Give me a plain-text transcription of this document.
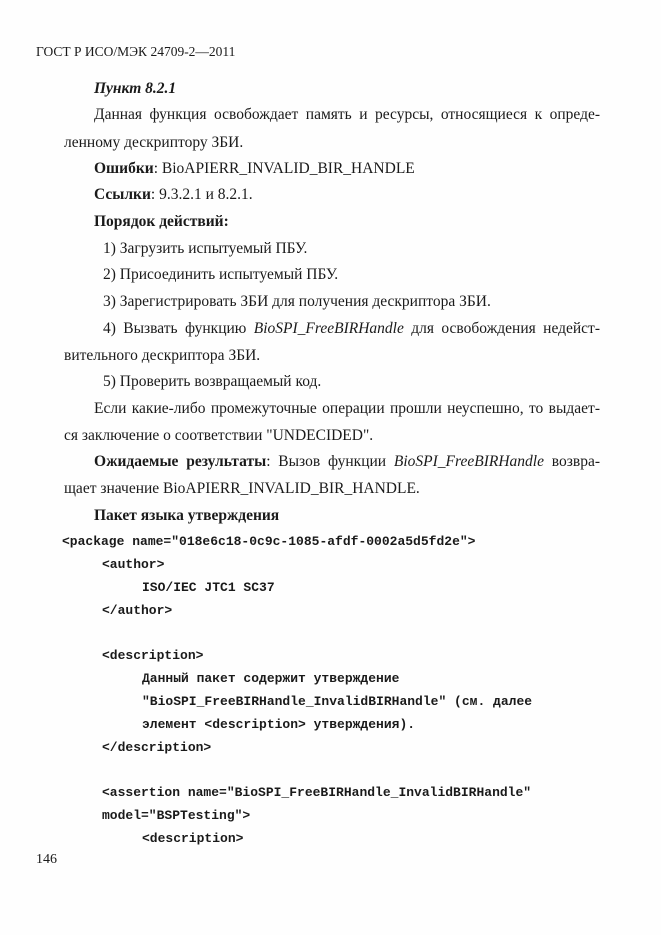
ГОСТ Р ИСО/МЭК 24709-2—2011
Пункт 8.2.1
Данная функция освобождает память и ресурсы, относящиеся к опреде-
ленному дескриптору ЗБИ.
Ошибки: BioAPIERR_INVALID_BIR_HANDLE
Ссылки: 9.3.2.1 и 8.2.1.
Порядок действий:
1) Загрузить испытуемый ПБУ.
2) Присоединить испытуемый ПБУ.
3) Зарегистрировать ЗБИ для получения дескриптора ЗБИ.
4) Вызвать функцию BioSPI_FreeBIRHandle для освобождения недейст-
вительного дескриптора ЗБИ.
5) Проверить возвращаемый код.
Если какие-либо промежуточные операции прошли неуспешно, то выдает-
ся заключение о соответствии "UNDECIDED".
Ожидаемые результаты: Вызов функции BioSPI_FreeBIRHandle возвра-
щает значение BioAPIERR_INVALID_BIR_HANDLE.
Пакет языка утверждения
<package name="018e6c18-0c9c-1085-afdf-0002a5d5fd2e">
<author>
ISO/IEC JTC1 SC37
</author>
<description>
Данный пакет содержит утверждение
"BioSPI_FreeBIRHandle_InvalidBIRHandle" (см. далее
элемент <description> утверждения).
</description>
<assertion name="BioSPI_FreeBIRHandle_InvalidBIRHandle"
model="BSPTesting">
<description>
146
